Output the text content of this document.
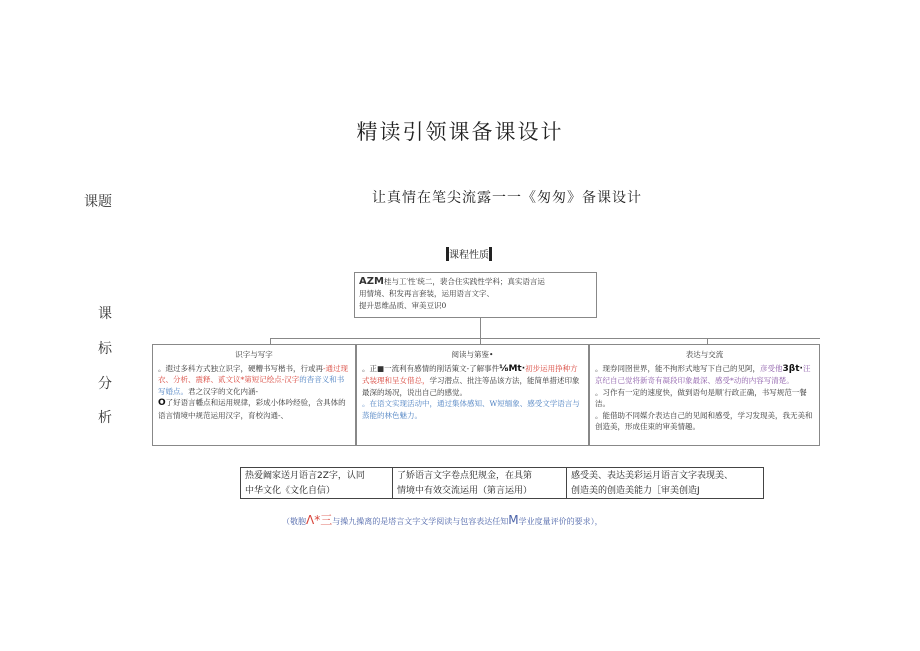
精读引领课备课设计
课题	让真情在笔尖流露一一《匆匆》备课设计
课
标
分
析
课程性质
AZM桂与工′性′统二，裴合住实践性学科；真实语言运
用情境、积发再言套装，运用语言文字、
提升思维品质、审美豆识0
识字与写字
。遐过多科方式独立识字，硬糟书写楷书，行或再-通过现衣、分析、震释、贰文议*第短记绘点-汉字的杳音义和书写婚点。君之汉字的文化内涵-
O了好语言幡点和运用规律，彩成小体吟经验，含具体的语言情境中规范运用汉字，育校沟通-、
阅读与第鉴•
。正■一流利有感情的削话策文-了解事件⅛Mt·初步运用挣种方式装理和呈女借总，学习潜点、批注等品该方法，能简单措述印象最深的场况，说出自己的感觉。
。在语文实现活动中，通过集体感知、W短缅象、感受文学语言与蒸能的林色魅力。
表达与交流
。现券同囹世界，能不拘形式地写下自己的见阿，彦受他3βt·汪京纪自己觉将新奇有凝段印象最深、感受*动的内容写清楚。
。习作有一定的速度快，做到语句是顺′行政正确，书写规范一餐洁。
。能借助不同媒介表达自己的见闻和感受，学习发现美，我无美和创造美，形成佳束的审美情趣。
热爱阚家送月语言2Z字，认同
中华文化《文化自信）
了娇语言文字卷点犯规金，在具第
情境中有效交流运用（第言运用）
感受美、表达美彩运月语言文字表现美、
创造美的创造美能力［审美创造J
（敬胞Λ*三与操九操离的是塔言文字文学阅读与包容表达任知M学业度量评价的要求），
